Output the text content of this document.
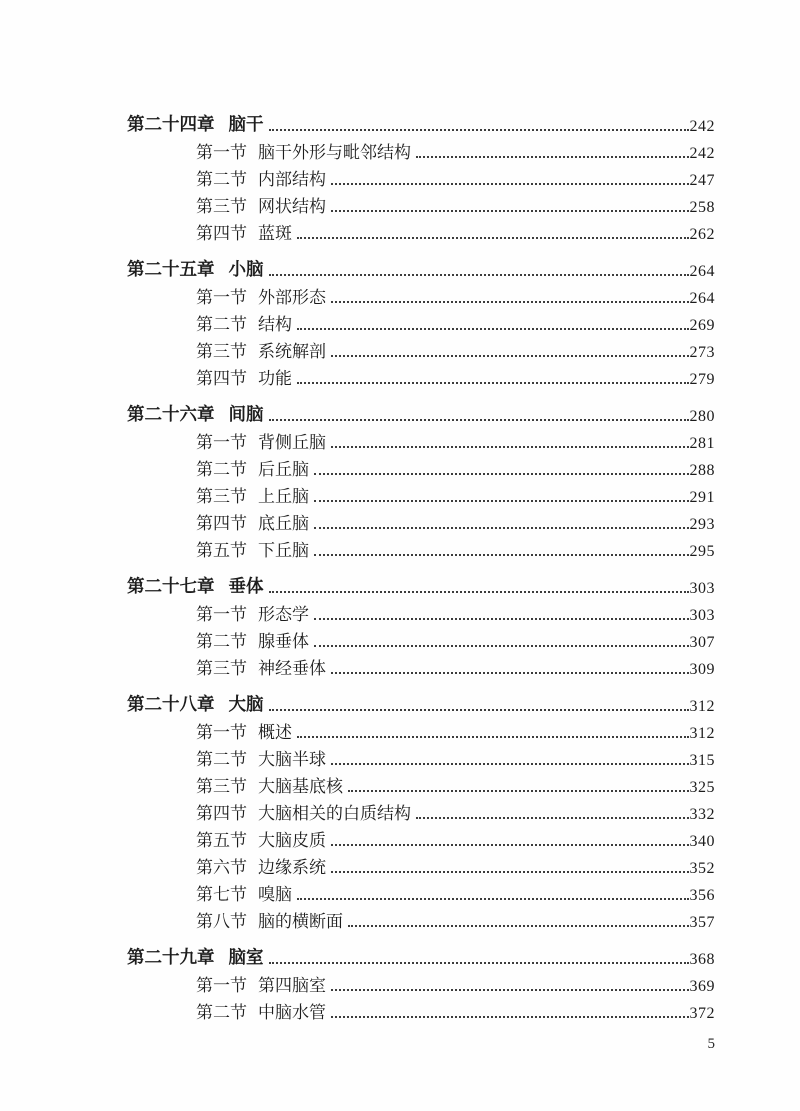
第二十四章 脑干	242
第一节 脑干外形与毗邻结构	242
第二节 内部结构	247
第三节 网状结构	258
第四节 蓝斑	262
第二十五章 小脑	264
第一节 外部形态	264
第二节 结构	269
第三节 系统解剖	273
第四节 功能	279
第二十六章 间脑	280
第一节 背侧丘脑	281
第二节 后丘脑	288
第三节 上丘脑	291
第四节 底丘脑	293
第五节 下丘脑	295
第二十七章 垂体	303
第一节 形态学	303
第二节 腺垂体	307
第三节 神经垂体	309
第二十八章 大脑	312
第一节 概述	312
第二节 大脑半球	315
第三节 大脑基底核	325
第四节 大脑相关的白质结构	332
第五节 大脑皮质	340
第六节 边缘系统	352
第七节 嗅脑	356
第八节 脑的横断面	357
第二十九章 脑室	368
第一节 第四脑室	369
第二节 中脑水管	372
5
